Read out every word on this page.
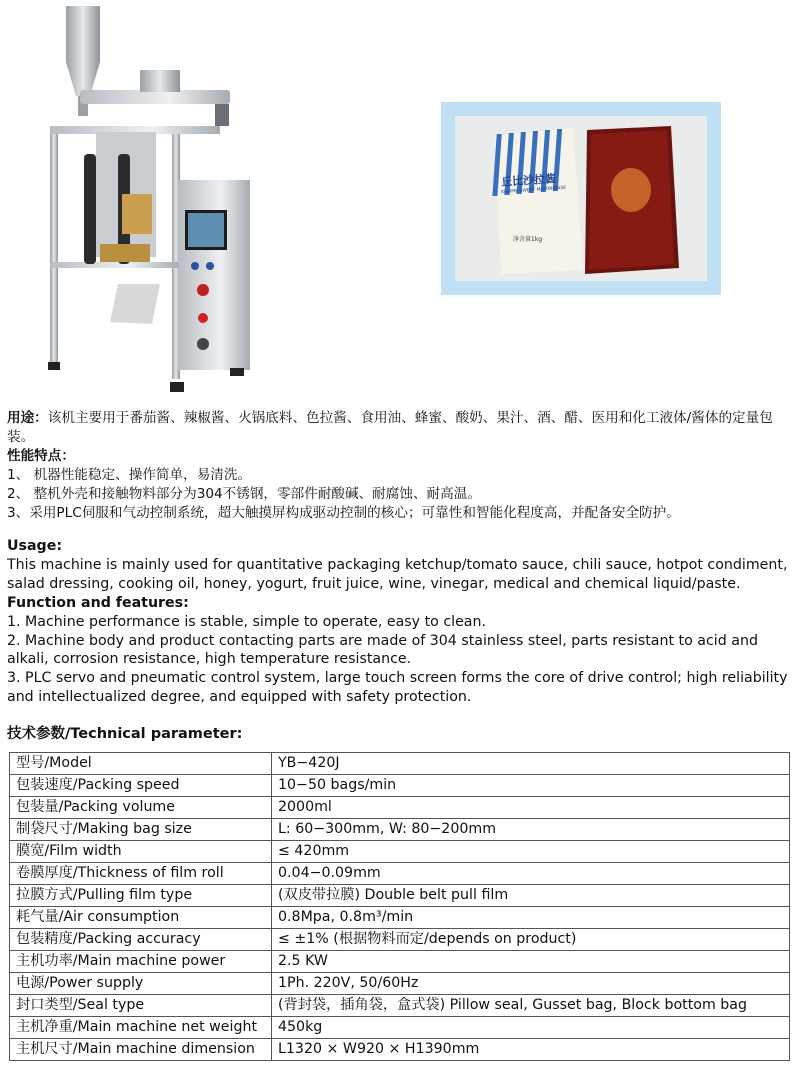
丘比沙拉酱
KEWPIE SWEET MAYONNAISE
净含量1kg

用途：该机主要用于番茄酱、辣椒酱、火锅底料、色拉酱、食用油、蜂蜜、酸奶、果汁、酒、醋、医用和化工液体/酱体的定量包装。

性能特点：

1、 机器性能稳定、操作简单，易清洗。

2、 整机外壳和接触物料部分为304不锈钢，零部件耐酸碱、耐腐蚀、耐高温。

3、采用PLC伺服和气动控制系统，超大触摸屏构成驱动控制的核心；可靠性和智能化程度高，并配备安全防护。

Usage:

This machine is mainly used for quantitative packaging ketchup/tomato sauce, chili sauce, hotpot condiment, salad dressing, cooking oil, honey, yogurt, fruit juice, wine, vinegar, medical and chemical liquid/paste.

Function and features:

1. Machine performance is stable, simple to operate, easy to clean.

2. Machine body and product contacting parts are made of 304 stainless steel, parts resistant to acid and alkali, corrosion resistance, high temperature resistance.

3. PLC servo and pneumatic control system, large touch screen forms the core of drive control; high reliability and intellectualized degree, and equipped with safety protection.

技术参数/Technical parameter:
型号/Model	YB−420J
包装速度/Packing speed	10−50 bags/min
包装量/Packing volume	2000ml
制袋尺寸/Making bag size	L: 60−300mm, W: 80−200mm
膜宽/Film width	≤ 420mm
卷膜厚度/Thickness of film roll	0.04−0.09mm
拉膜方式/Pulling film type	(双皮带拉膜) Double belt pull film
耗气量/Air consumption	0.8Mpa, 0.8m³/min
包装精度/Packing accuracy	≤ ±1% (根据物料而定/depends on product)
主机功率/Main machine power	2.5 KW
电源/Power supply	1Ph. 220V, 50/60Hz
封口类型/Seal type	(背封袋，插角袋，盒式袋) Pillow seal, Gusset bag, Block bottom bag
主机净重/Main machine net weight	450kg
主机尺寸/Main machine dimension	L1320 × W920 × H1390mm
